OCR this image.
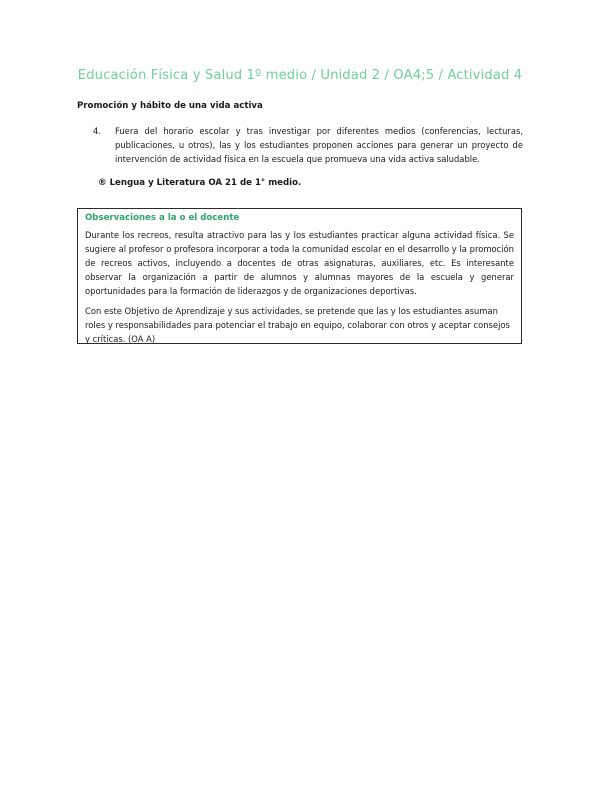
Educación Física y Salud 1º medio / Unidad 2 / OA4;5 / Actividad 4
Promoción y hábito de una vida activa
4. Fuera del horario escolar y tras investigar por diferentes medios (conferencias, lecturas, publicaciones, u otros), las y los estudiantes proponen acciones para generar un proyecto de intervención de actividad física en la escuela que promueva una vida activa saludable.
® Lengua y Literatura OA 21 de 1° medio.
Observaciones a la o el docente

Durante los recreos, resulta atractivo para las y los estudiantes practicar alguna actividad física. Se sugiere al profesor o profesora incorporar a toda la comunidad escolar en el desarrollo y la promoción de recreos activos, incluyendo a docentes de otras asignaturas, auxiliares, etc. Es interesante observar la organización a partir de alumnos y alumnas mayores de la escuela y generar oportunidades para la formación de liderazgos y de organizaciones deportivas.

Con este Objetivo de Aprendizaje y sus actividades, se pretende que las y los estudiantes asuman roles y responsabilidades para potenciar el trabajo en equipo, colaborar con otros y aceptar consejos y críticas. (OA A)
